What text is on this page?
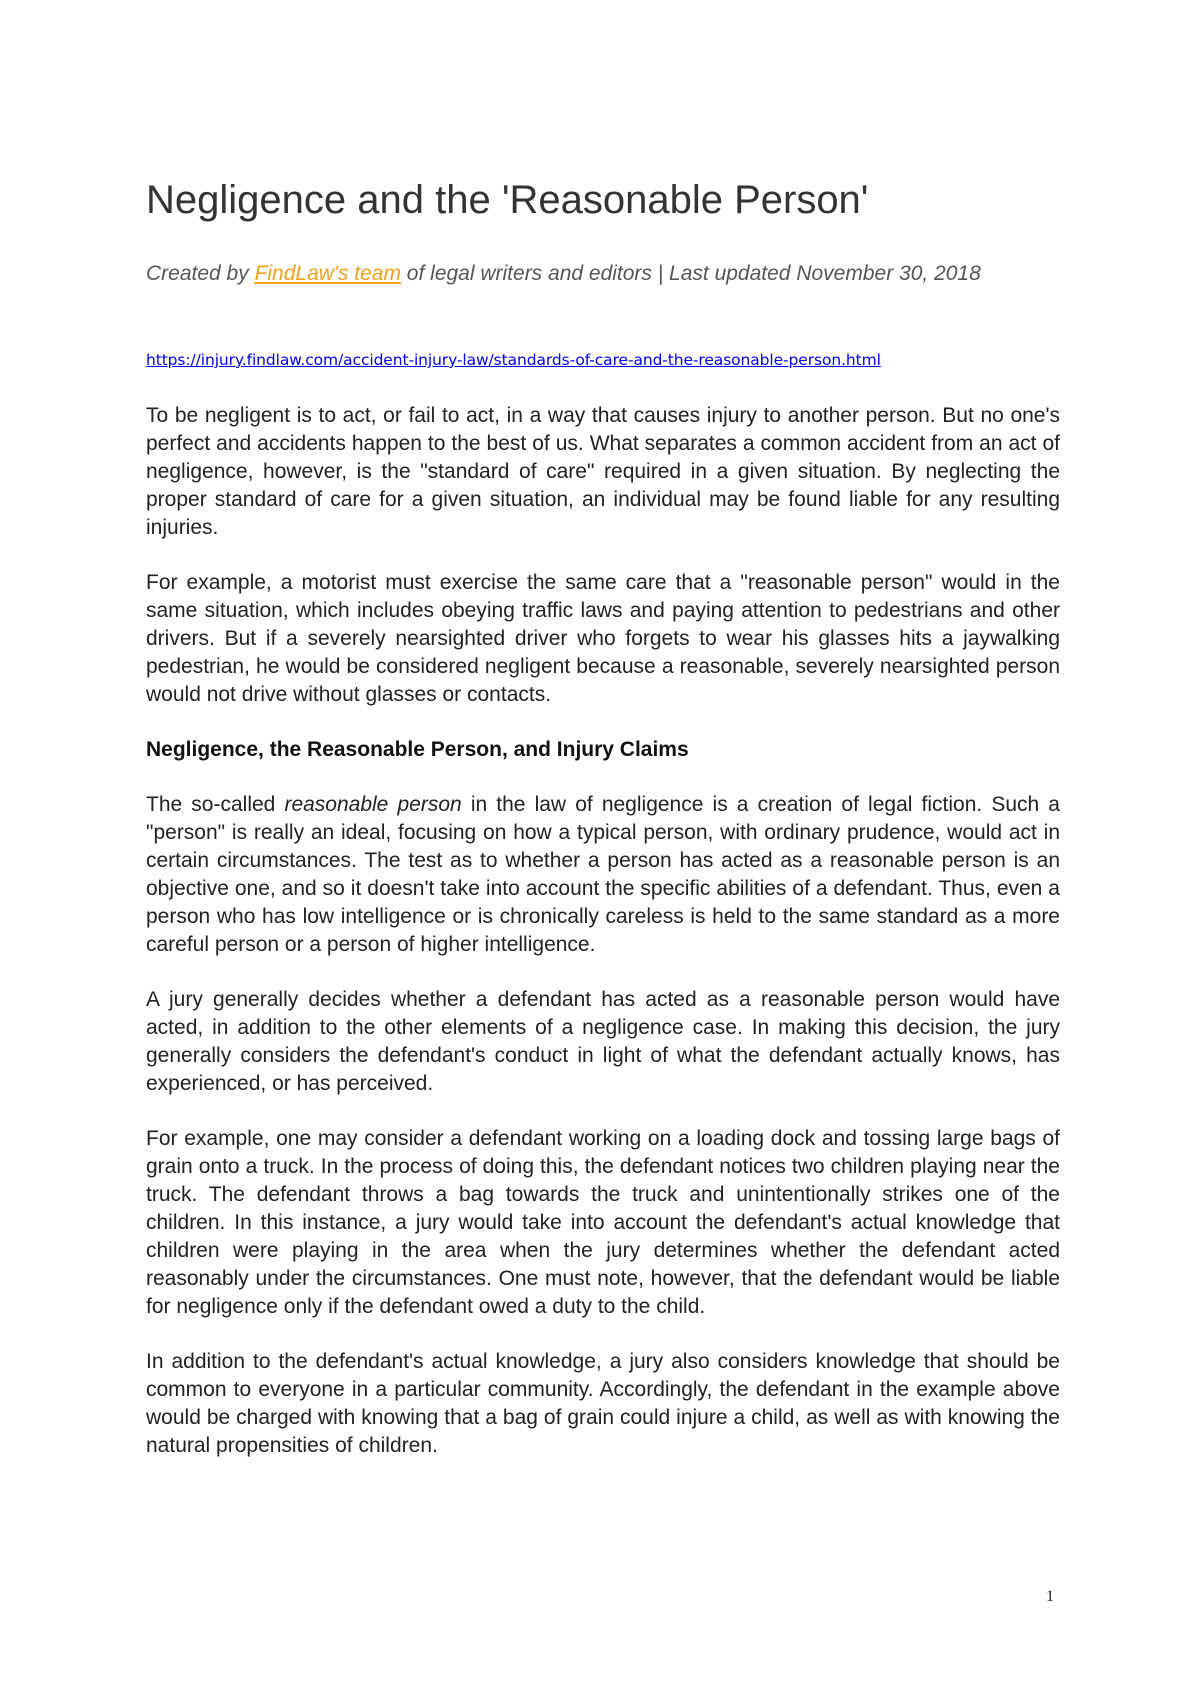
Negligence and the 'Reasonable Person'

Created by FindLaw's team of legal writers and editors | Last updated November 30, 2018

https://injury.findlaw.com/accident-injury-law/standards-of-care-and-the-reasonable-person.html

To be negligent is to act, or fail to act, in a way that causes injury to another person. But no one's perfect and accidents happen to the best of us. What separates a common accident from an act of negligence, however, is the "standard of care" required in a given situation. By neglecting the proper standard of care for a given situation, an individual may be found liable for any resulting injuries.

For example, a motorist must exercise the same care that a "reasonable person" would in the same situation, which includes obeying traffic laws and paying attention to pedestrians and other drivers. But if a severely nearsighted driver who forgets to wear his glasses hits a jaywalking pedestrian, he would be considered negligent because a reasonable, severely nearsighted person would not drive without glasses or contacts.

Negligence, the Reasonable Person, and Injury Claims

The so-called reasonable person in the law of negligence is a creation of legal fiction. Such a "person" is really an ideal, focusing on how a typical person, with ordinary prudence, would act in certain circumstances. The test as to whether a person has acted as a reasonable person is an objective one, and so it doesn't take into account the specific abilities of a defendant. Thus, even a person who has low intelligence or is chronically careless is held to the same standard as a more careful person or a person of higher intelligence.

A jury generally decides whether a defendant has acted as a reasonable person would have acted, in addition to the other elements of a negligence case. In making this decision, the jury generally considers the defendant's conduct in light of what the defendant actually knows, has experienced, or has perceived.

For example, one may consider a defendant working on a loading dock and tossing large bags of grain onto a truck. In the process of doing this, the defendant notices two children playing near the truck. The defendant throws a bag towards the truck and unintentionally strikes one of the children. In this instance, a jury would take into account the defendant's actual knowledge that children were playing in the area when the jury determines whether the defendant acted reasonably under the circumstances. One must note, however, that the defendant would be liable for negligence only if the defendant owed a duty to the child.

In addition to the defendant's actual knowledge, a jury also considers knowledge that should be common to everyone in a particular community. Accordingly, the defendant in the example above would be charged with knowing that a bag of grain could injure a child, as well as with knowing the natural propensities of children.

1
